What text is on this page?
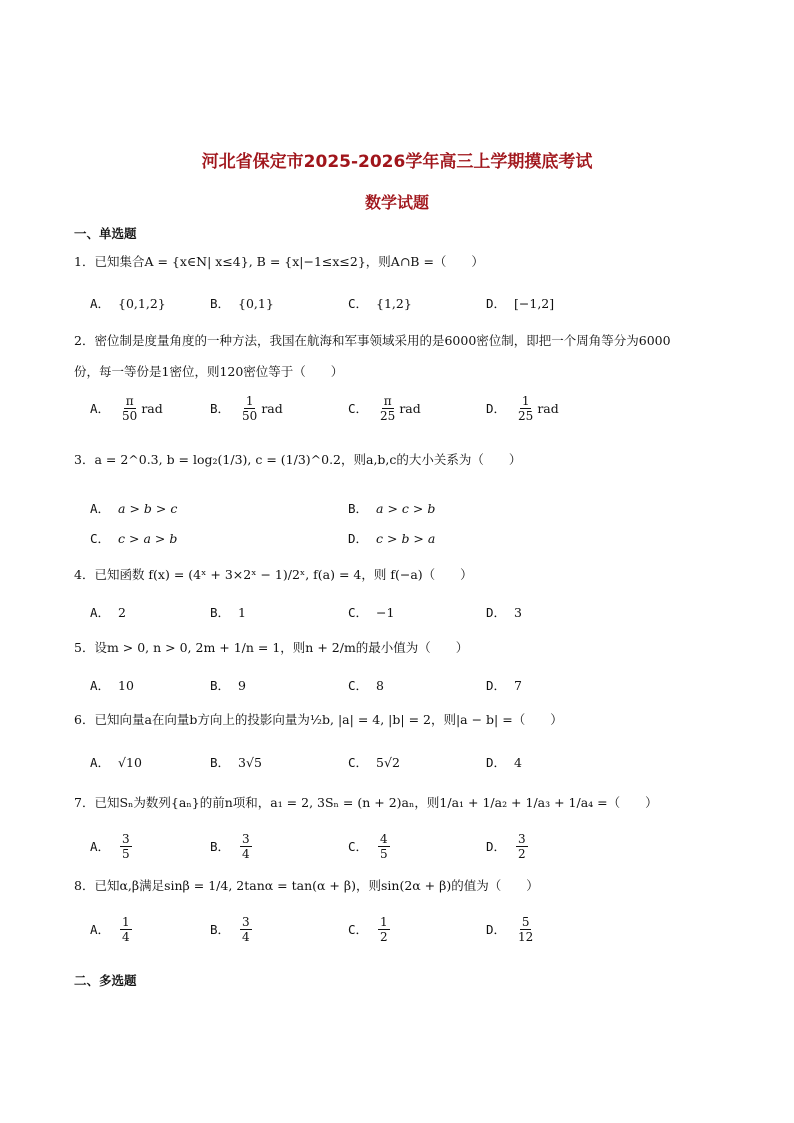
河北省保定市2025-2026学年高三上学期摸底考试
数学试题
一、单选题
1．已知集合A = {x∈N| x≤4}, B = {x|−1≤x≤2}，则A∩B =（　　）
A． {0,1,2}	B． {0,1}	C． {1,2}	D． [−1,2]
2．密位制是度量角度的一种方法，我国在航海和军事领域采用的是6000密位制，即把一个周角等分为6000
份，每一等份是1密位，则120密位等于（　　）
A． $\frac{\pi}{50}$ rad	B． $\frac{1}{50}$ rad	C． $\frac{\pi}{25}$ rad	D． $\frac{1}{25}$ rad
3．a = 2^0.3, b = log₂(1/3), c = (1/3)^0.2，则a,b,c的大小关系为（　　）
A． a > b > c	B． a > c > b
C． c > a > b	D． c > b > a
4．已知函数 f(x) = (4ˣ + 3×2ˣ − 1)/2ˣ, f(a) = 4，则 f(−a)（　　）
A． 2	B． 1	C． −1	D． 3
5．设m > 0, n > 0, 2m + 1/n = 1，则n + 2/m的最小值为（　　）
A． 10	B． 9	C． 8	D． 7
6．已知向量a在向量b方向上的投影向量为½b, |a| = 4, |b| = 2，则|a − b| =（　　）
A． √10	B． 3√5	C． 5√2	D． 4
7．已知Sₙ为数列{aₙ}的前n项和，a₁ = 2, 3Sₙ = (n + 2)aₙ，则1/a₁ + 1/a₂ + 1/a₃ + 1/a₄ =（　　）
A． $\frac{3}{5}$	B． $\frac{3}{4}$	C． $\frac{4}{5}$	D． $\frac{3}{2}$
8．已知α,β满足sinβ = 1/4, 2tanα = tan(α + β)，则sin(2α + β)的值为（　　）
A． $\frac{1}{4}$	B． $\frac{3}{4}$	C． $\frac{1}{2}$	D． $\frac{5}{12}$
二、多选题
